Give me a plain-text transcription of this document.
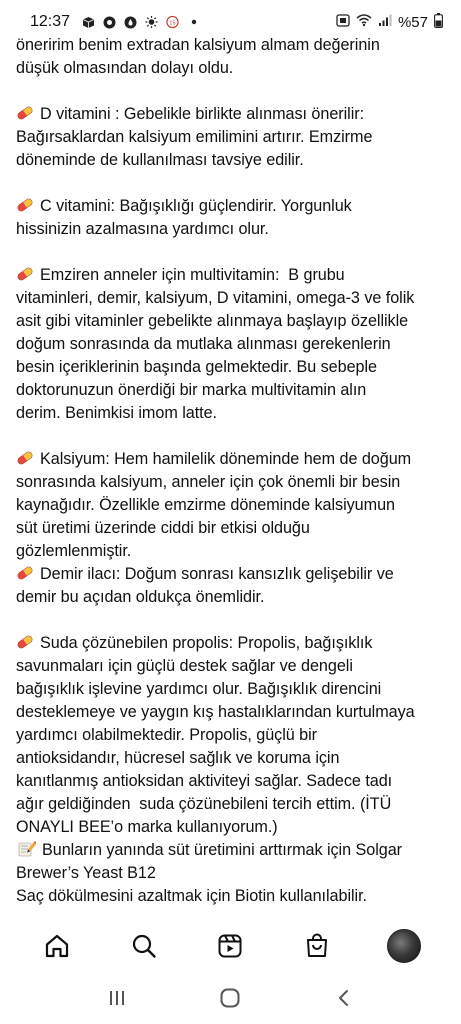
12:37	15	%57

öneririm benim extradan kalsiyum almam değerinin
düşük olmasından dolayı oldu.

D vitamini : Gebelikle birlikte alınması önerilir:
Bağırsaklardan kalsiyum emilimini artırır. Emzirme
döneminde de kullanılması tavsiye edilir.

C vitamini: Bağışıklığı güçlendirir. Yorgunluk
hissinizin azalmasına yardımcı olur.

Emziren anneler için multivitamin:  B grubu
vitaminleri, demir, kalsiyum, D vitamini, omega-3 ve folik
asit gibi vitaminler gebelikte alınmaya başlayıp özellikle
doğum sonrasında da mutlaka alınması gerekenlerin
besin içeriklerinin başında gelmektedir. Bu sebeple
doktorunuzun önerdiği bir marka multivitamin alın
derim. Benimkisi imom latte.

Kalsiyum: Hem hamilelik döneminde hem de doğum
sonrasında kalsiyum, anneler için çok önemli bir besin
kaynağıdır. Özellikle emzirme döneminde kalsiyumun
süt üretimi üzerinde ciddi bir etkisi olduğu
gözlemlenmiştir.

Demir ilacı: Doğum sonrası kansızlık gelişebilir ve
demir bu açıdan oldukça önemlidir.

Suda çözünebilen propolis: Propolis, bağışıklık
savunmaları için güçlü destek sağlar ve dengeli
bağışıklık işlevine yardımcı olur. Bağışıklık direncini
desteklemeye ve yaygın kış hastalıklarından kurtulmaya
yardımcı olabilmektedir. Propolis, güçlü bir
antioksidandır, hücresel sağlık ve koruma için
kanıtlanmış antioksidan aktiviteyi sağlar. Sadece tadı
ağır geldiğinden  suda çözünebileni tercih ettim. (İTÜ
ONAYLI BEE’o marka kullanıyorum.)

Bunların yanında süt üretimini arttırmak için Solgar
Brewer’s Yeast B12
Saç dökülmesini azaltmak için Biotin kullanılabilir.
